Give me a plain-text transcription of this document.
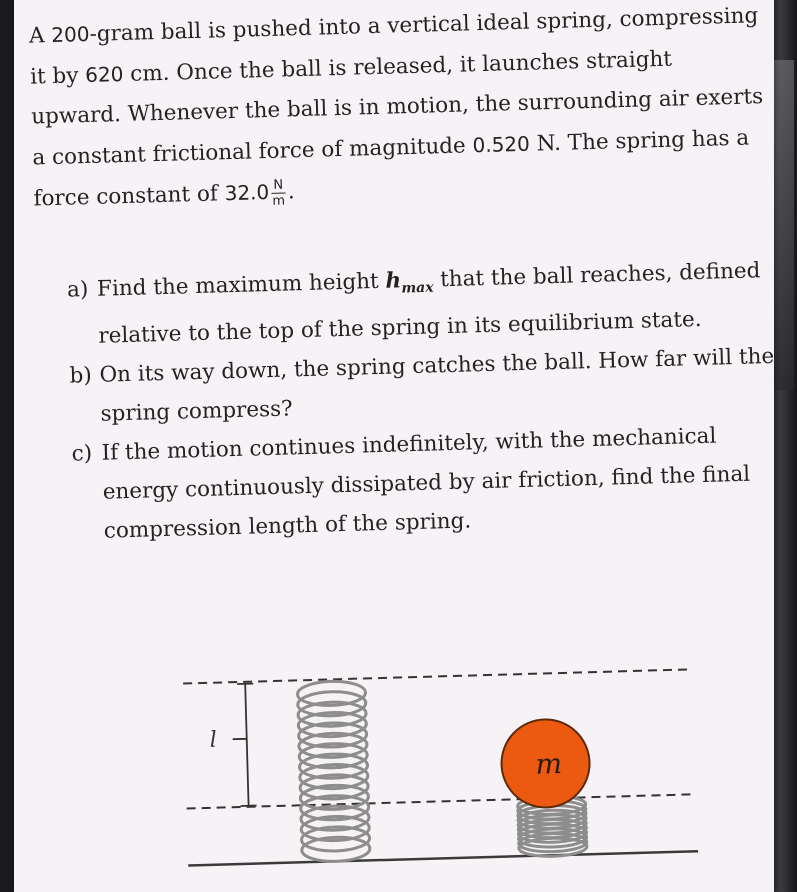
A 200-gram ball is pushed into a vertical ideal spring, compressing it by 620 cm. Once the ball is released, it launches straight upward. Whenever the ball is in motion, the surrounding air exerts a constant frictional force of magnitude 0.520 N. The spring has a force constant of $32.0 \frac{N}{m}$ .
a) Find the maximum height $h_{max}$ that the ball reaches, defined relative to the top of the spring in its equilibrium state.
b) On its way down, the spring catches the ball. How far will the spring compress?
c) If the motion continues indefinitely, with the mechanical energy continuously dissipated by air friction, find the final compression length of the spring.
l
m
